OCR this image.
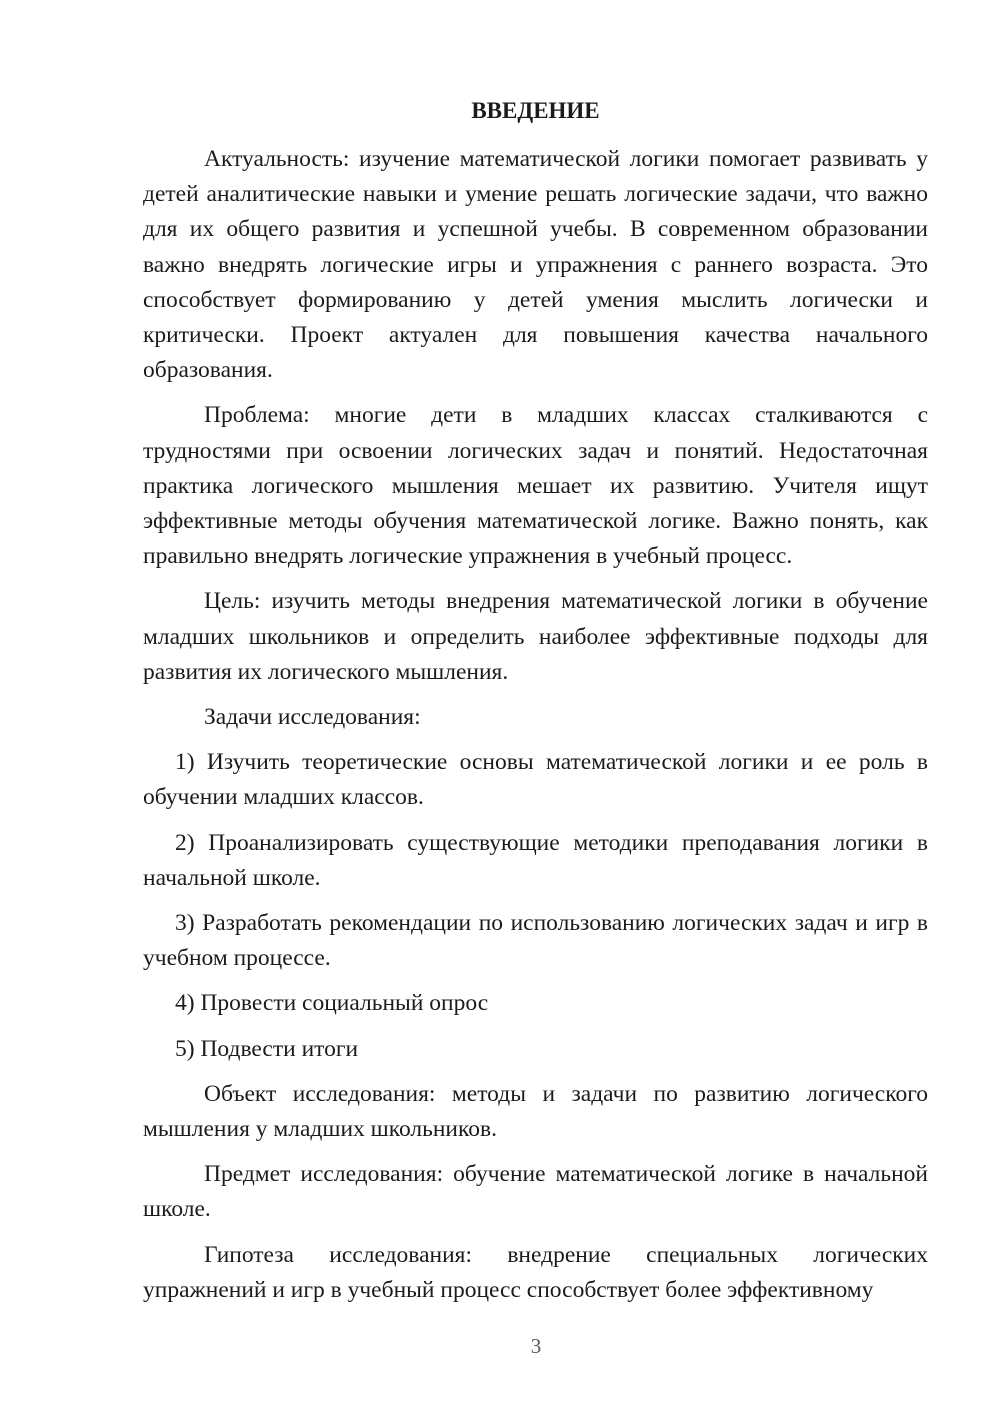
ВВЕДЕНИЕ

Актуальность: изучение математической логики помогает развивать у детей аналитические навыки и умение решать логические задачи, что важно для их общего развития и успешной учебы. В современном образовании важно внедрять логические игры и упражнения с раннего возраста. Это способствует формированию у детей умения мыслить логически и критически. Проект актуален для повышения качества начального образования.

Проблема: многие дети в младших классах сталкиваются с трудностями при освоении логических задач и понятий. Недостаточная практика логического мышления мешает их развитию. Учителя ищут эффективные методы обучения математической логике. Важно понять, как правильно внедрять логические упражнения в учебный процесс.

Цель: изучить методы внедрения математической логики в обучение младших школьников и определить наиболее эффективные подходы для развития их логического мышления.

Задачи исследования:

1) Изучить теоретические основы математической логики и ее роль в обучении младших классов.

2) Проанализировать существующие методики преподавания логики в начальной школе.

3) Разработать рекомендации по использованию логических задач и игр в учебном процессе.

4) Провести социальный опрос

5) Подвести итоги

Объект исследования: методы и задачи по развитию логического мышления у младших школьников.

Предмет исследования: обучение математической логике в начальной школе.

Гипотеза исследования: внедрение специальных логических упражнений и игр в учебный процесс способствует более эффективному

3
